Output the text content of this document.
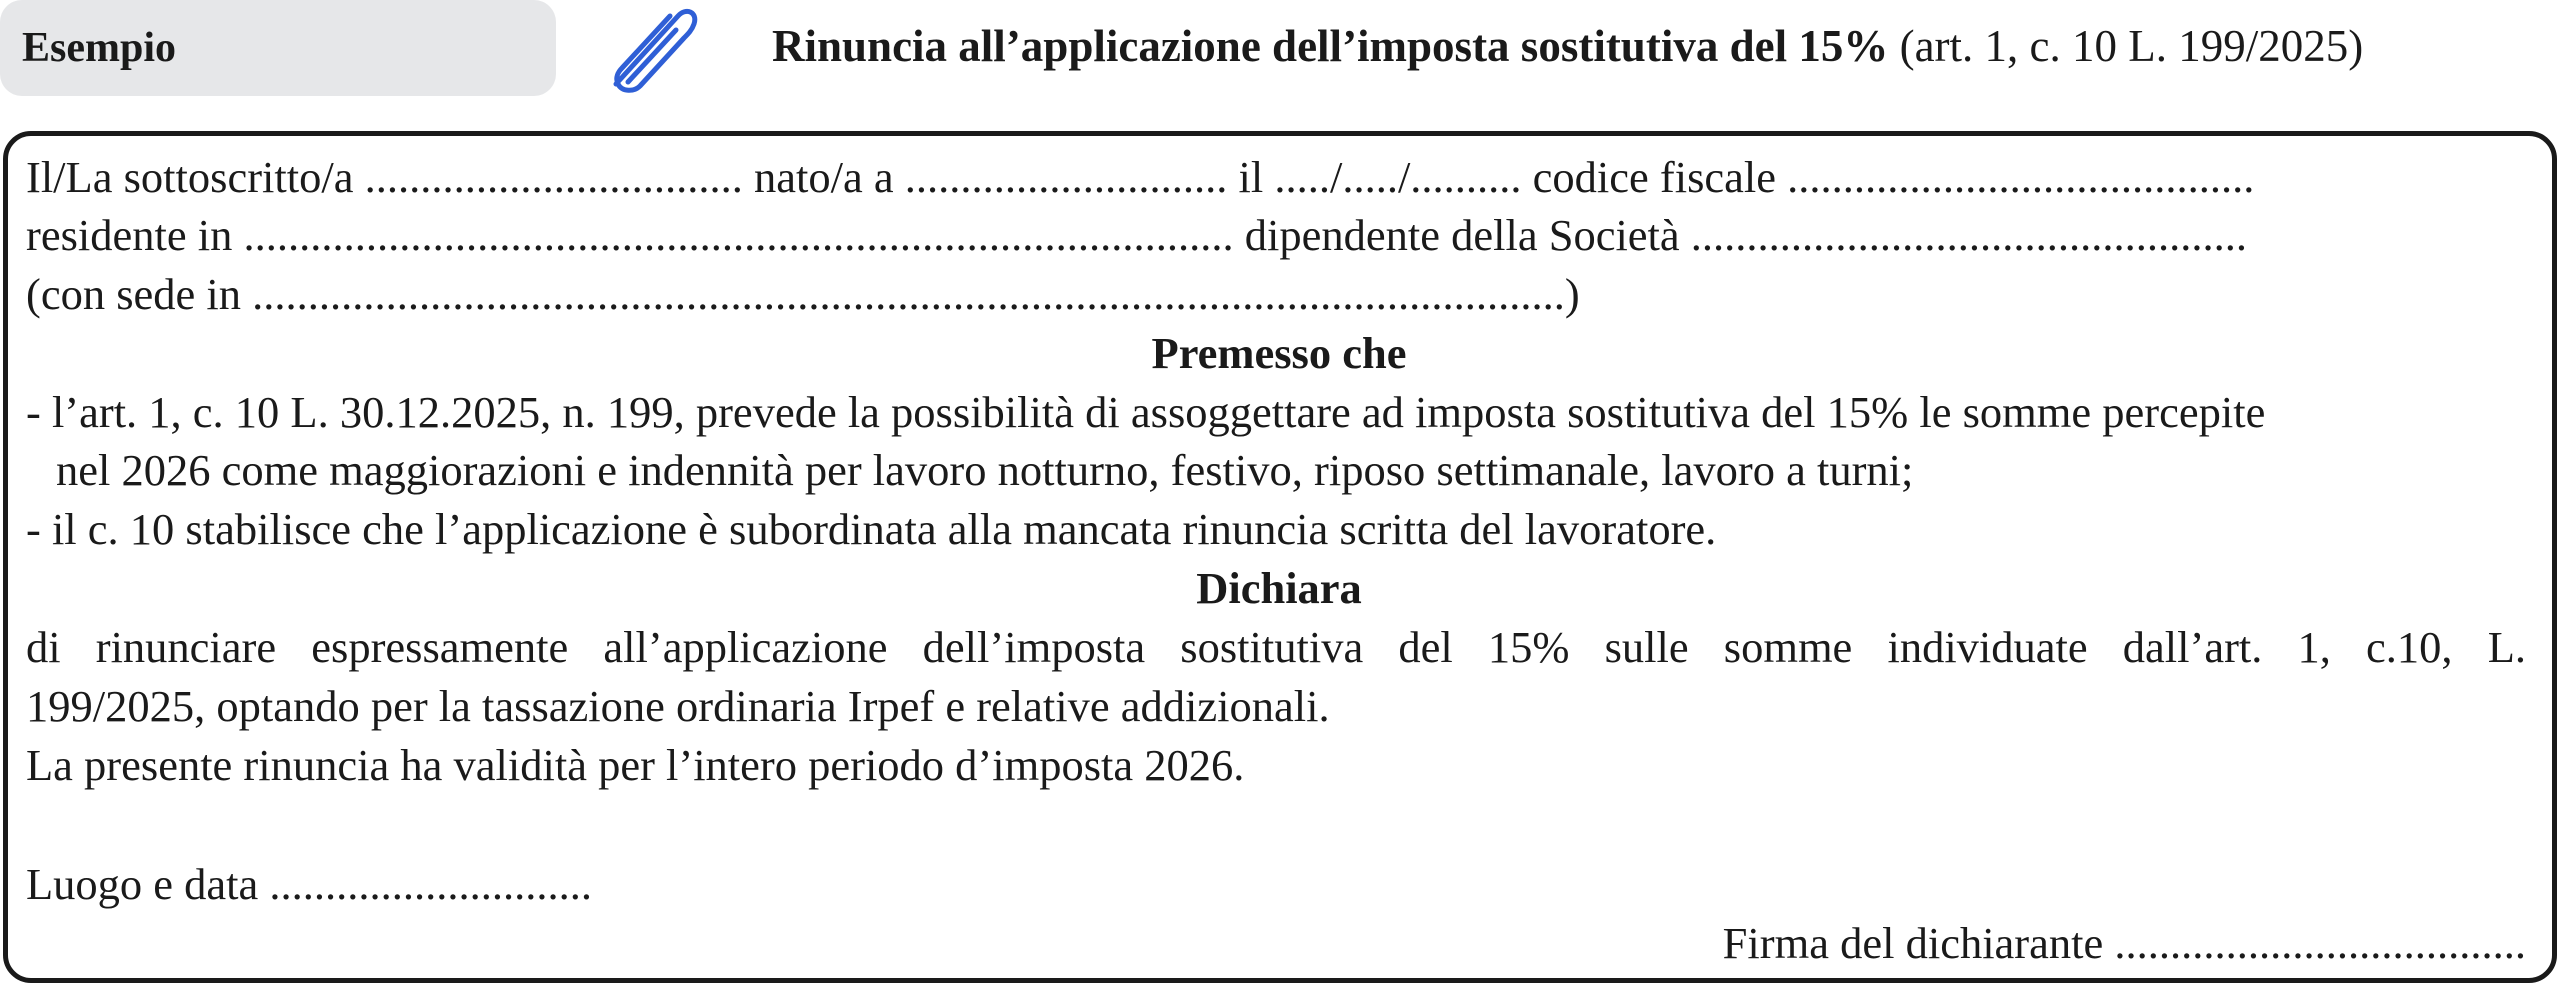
Esempio	Rinuncia all’applicazione dell’imposta sostitutiva del 15% (art. 1, c. 10 L. 199/2025)
Il/La sottoscritto/a .................................. nato/a a ............................. il ...../...../.......... codice fiscale ..........................................
residente in ......................................................................................... dipendente della Società ..................................................
(con sede in ......................................................................................................................)
Premesso che
- l’art. 1, c. 10 L. 30.12.2025, n. 199, prevede la possibilità di assoggettare ad imposta sostitutiva del 15% le somme percepite
nel 2026 come maggiorazioni e indennità per lavoro notturno, festivo, riposo settimanale, lavoro a turni;
- il c. 10 stabilisce che l’applicazione è subordinata alla mancata rinuncia scritta del lavoratore.
Dichiara
di rinunciare espressamente all’applicazione dell’imposta sostitutiva del 15% sulle somme individuate dall’art. 1, c.10, L.
199/2025, optando per la tassazione ordinaria Irpef e relative addizionali.
La presente rinuncia ha validità per l’intero periodo d’imposta 2026.
Luogo e data .............................
Firma del dichiarante .....................................
